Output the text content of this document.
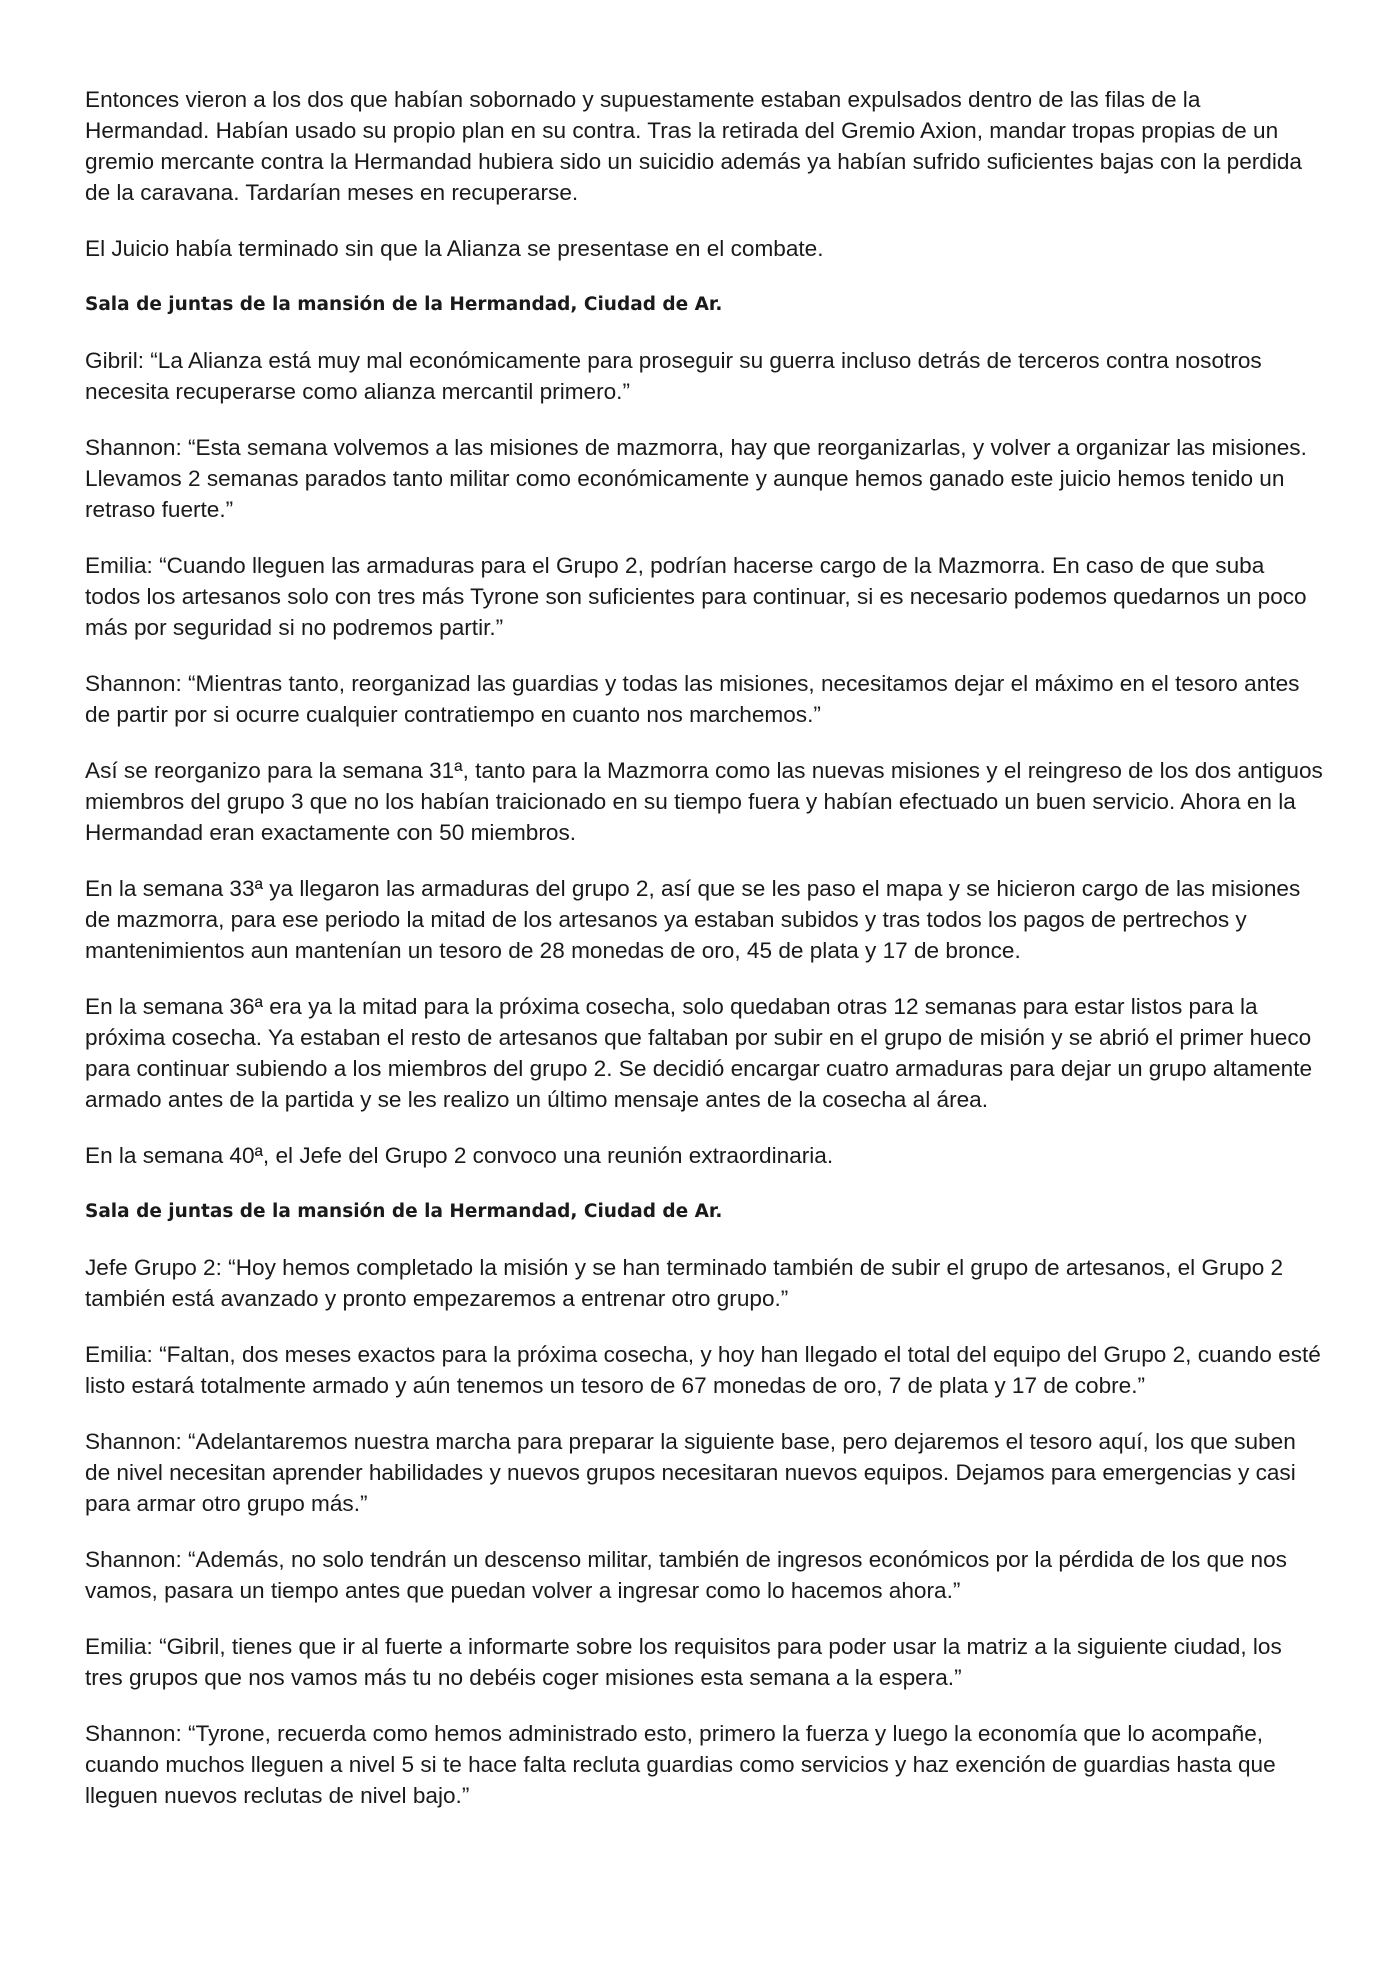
Entonces vieron a los dos que habían sobornado y supuestamente estaban expulsados dentro de las filas de la Hermandad. Habían usado su propio plan en su contra. Tras la retirada del Gremio Axion, mandar tropas propias de un gremio mercante contra la Hermandad hubiera sido un suicidio además ya habían sufrido suficientes bajas con la perdida de la caravana. Tardarían meses en recuperarse.

El Juicio había terminado sin que la Alianza se presentase en el combate.

Sala de juntas de la mansión de la Hermandad, Ciudad de Ar.

Gibril: “La Alianza está muy mal económicamente para proseguir su guerra incluso detrás de terceros contra nosotros necesita recuperarse como alianza mercantil primero.”

Shannon: “Esta semana volvemos a las misiones de mazmorra, hay que reorganizarlas, y volver a organizar las misiones. Llevamos 2 semanas parados tanto militar como económicamente y aunque hemos ganado este juicio hemos tenido un retraso fuerte.”

Emilia: “Cuando lleguen las armaduras para el Grupo 2, podrían hacerse cargo de la Mazmorra. En caso de que suba todos los artesanos solo con tres más Tyrone son suficientes para continuar, si es necesario podemos quedarnos un poco más por seguridad si no podremos partir.”

Shannon: “Mientras tanto, reorganizad las guardias y todas las misiones, necesitamos dejar el máximo en el tesoro antes de partir por si ocurre cualquier contratiempo en cuanto nos marchemos.”

Así se reorganizo para la semana 31ª, tanto para la Mazmorra como las nuevas misiones y el reingreso de los dos antiguos miembros del grupo 3 que no los habían traicionado en su tiempo fuera y habían efectuado un buen servicio. Ahora en la Hermandad eran exactamente con 50 miembros.

En la semana 33ª ya llegaron las armaduras del grupo 2, así que se les paso el mapa y se hicieron cargo de las misiones de mazmorra, para ese periodo la mitad de los artesanos ya estaban subidos y tras todos los pagos de pertrechos y mantenimientos aun mantenían un tesoro de 28 monedas de oro, 45 de plata y 17 de bronce.

En la semana 36ª era ya la mitad para la próxima cosecha, solo quedaban otras 12 semanas para estar listos para la próxima cosecha. Ya estaban el resto de artesanos que faltaban por subir en el grupo de misión y se abrió el primer hueco para continuar subiendo a los miembros del grupo 2. Se decidió encargar cuatro armaduras para dejar un grupo altamente armado antes de la partida y se les realizo un último mensaje antes de la cosecha al área.

En la semana 40ª, el Jefe del Grupo 2 convoco una reunión extraordinaria.

Sala de juntas de la mansión de la Hermandad, Ciudad de Ar.

Jefe Grupo 2: “Hoy hemos completado la misión y se han terminado también de subir el grupo de artesanos, el Grupo 2 también está avanzado y pronto empezaremos a entrenar otro grupo.”

Emilia: “Faltan, dos meses exactos para la próxima cosecha, y hoy han llegado el total del equipo del Grupo 2, cuando esté listo estará totalmente armado y aún tenemos un tesoro de 67 monedas de oro, 7 de plata y 17 de cobre.”

Shannon: “Adelantaremos nuestra marcha para preparar la siguiente base, pero dejaremos el tesoro aquí, los que suben de nivel necesitan aprender habilidades y nuevos grupos necesitaran nuevos equipos. Dejamos para emergencias y casi para armar otro grupo más.”

Shannon: “Además, no solo tendrán un descenso militar, también de ingresos económicos por la pérdida de los que nos vamos, pasara un tiempo antes que puedan volver a ingresar como lo hacemos ahora.”

Emilia: “Gibril, tienes que ir al fuerte a informarte sobre los requisitos para poder usar la matriz a la siguiente ciudad, los tres grupos que nos vamos más tu no debéis coger misiones esta semana a la espera.”

Shannon: “Tyrone, recuerda como hemos administrado esto, primero la fuerza y luego la economía que lo acompañe, cuando muchos lleguen a nivel 5 si te hace falta recluta guardias como servicios y haz exención de guardias hasta que lleguen nuevos reclutas de nivel bajo.”
